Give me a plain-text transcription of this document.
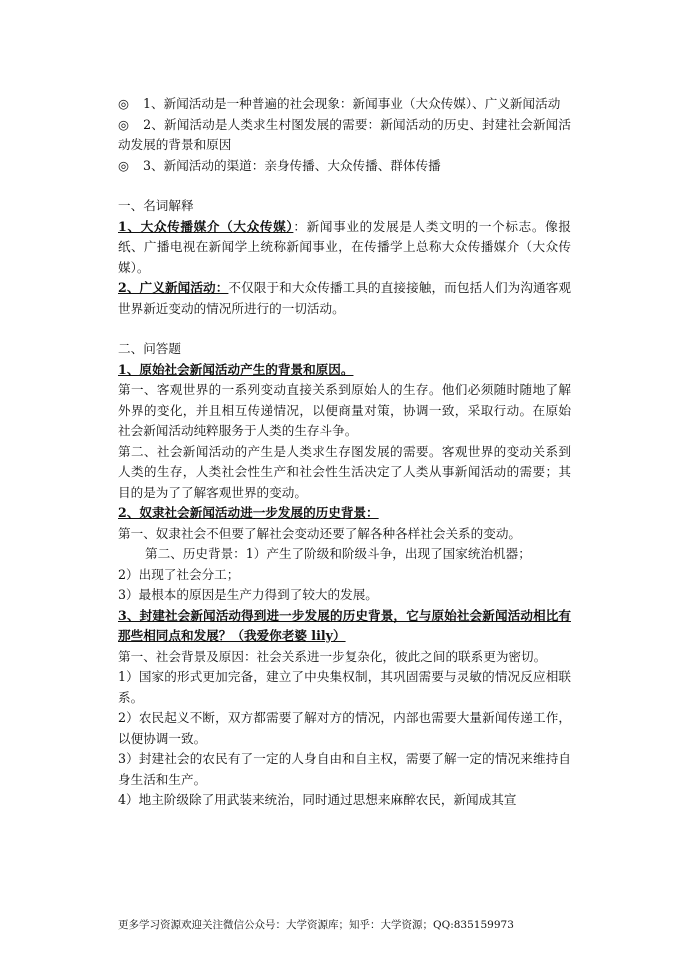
◎ 1、新闻活动是一种普遍的社会现象：新闻事业（大众传媒）、广义新闻活动
◎ 2、新闻活动是人类求生村图发展的需要：新闻活动的历史、封建社会新闻活动发展的背景和原因
◎ 3、新闻活动的渠道：亲身传播、大众传播、群体传播
一、名词解释
1、大众传播媒介（大众传媒）：新闻事业的发展是人类文明的一个标志。像报纸、广播电视在新闻学上统称新闻事业，在传播学上总称大众传播媒介（大众传媒）。
2、广义新闻活动：不仅限于和大众传播工具的直接接触，而包括人们为沟通客观世界新近变动的情况所进行的一切活动。
二、问答题
1、原始社会新闻活动产生的背景和原因。
第一、客观世界的一系列变动直接关系到原始人的生存。他们必须随时随地了解外界的变化，并且相互传递情况，以便商量对策，协调一致，采取行动。在原始社会新闻活动纯粹服务于人类的生存斗争。
第二、社会新闻活动的产生是人类求生存图发展的需要。客观世界的变动关系到人类的生存，人类社会性生产和社会性生活决定了人类从事新闻活动的需要；其目的是为了了解客观世界的变动。
2、奴隶社会新闻活动进一步发展的历史背景：
第一、奴隶社会不但要了解社会变动还要了解各种各样社会关系的变动。
第二、历史背景：1）产生了阶级和阶级斗争，出现了国家统治机器；
2）出现了社会分工；
3）最根本的原因是生产力得到了较大的发展。
3、封建社会新闻活动得到进一步发展的历史背景，它与原始社会新闻活动相比有那些相同点和发展？（我爱你老婆 lily）
第一、社会背景及原因：社会关系进一步复杂化，彼此之间的联系更为密切。
1）国家的形式更加完备，建立了中央集权制，其巩固需要与灵敏的情况反应相联系。
2）农民起义不断，双方都需要了解对方的情况，内部也需要大量新闻传递工作，以便协调一致。
3）封建社会的农民有了一定的人身自由和自主权，需要了解一定的情况来维持自身生活和生产。
4）地主阶级除了用武装来统治，同时通过思想来麻醉农民，新闻成其宣
更多学习资源欢迎关注微信公众号：大学资源库；知乎：大学资源；QQ:835159973
